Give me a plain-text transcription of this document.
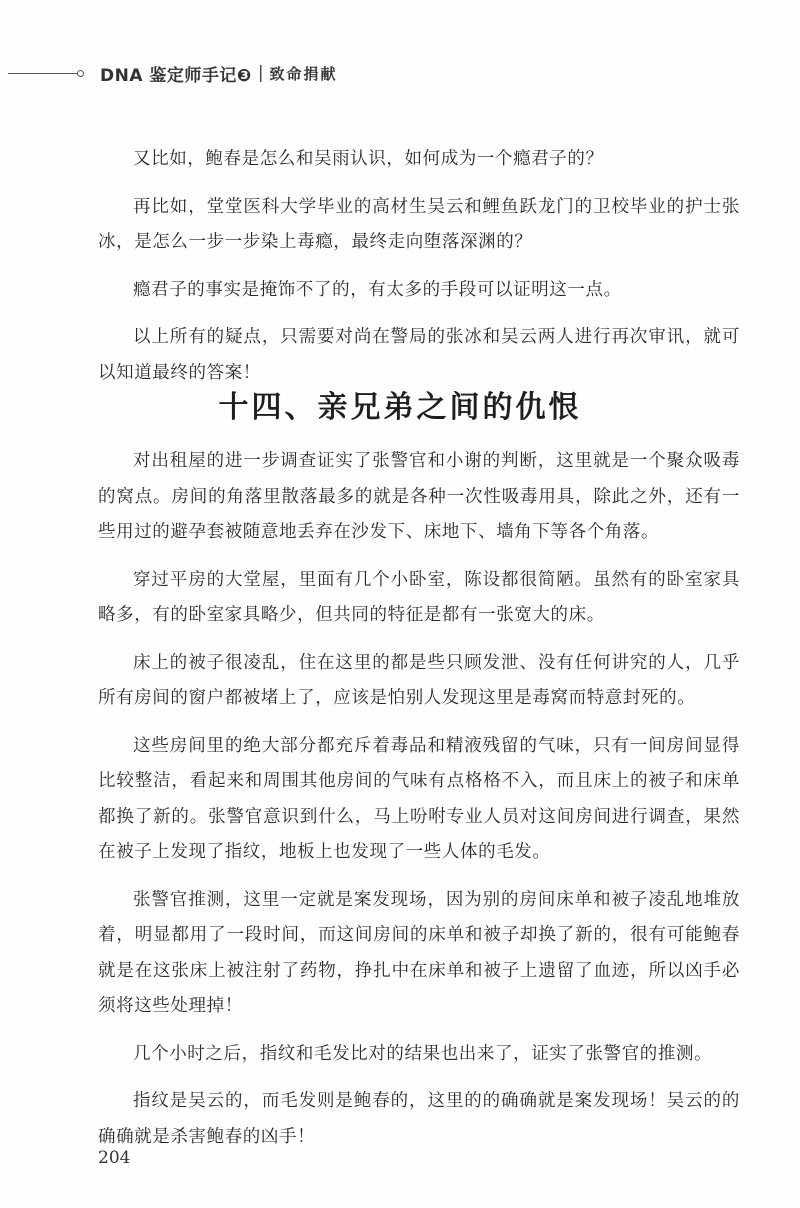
DNA 鉴定师手记❸ | 致命捐献

又比如，鲍春是怎么和吴雨认识，如何成为一个瘾君子的？

再比如，堂堂医科大学毕业的高材生吴云和鲤鱼跃龙门的卫校毕业的护士张冰，是怎么一步一步染上毒瘾，最终走向堕落深渊的？

瘾君子的事实是掩饰不了的，有太多的手段可以证明这一点。

以上所有的疑点，只需要对尚在警局的张冰和吴云两人进行再次审讯，就可以知道最终的答案！

十四、亲兄弟之间的仇恨

对出租屋的进一步调查证实了张警官和小谢的判断，这里就是一个聚众吸毒的窝点。房间的角落里散落最多的就是各种一次性吸毒用具，除此之外，还有一些用过的避孕套被随意地丢弃在沙发下、床地下、墙角下等各个角落。

穿过平房的大堂屋，里面有几个小卧室，陈设都很简陋。虽然有的卧室家具略多，有的卧室家具略少，但共同的特征是都有一张宽大的床。

床上的被子很凌乱，住在这里的都是些只顾发泄、没有任何讲究的人，几乎所有房间的窗户都被堵上了，应该是怕别人发现这里是毒窝而特意封死的。

这些房间里的绝大部分都充斥着毒品和精液残留的气味，只有一间房间显得比较整洁，看起来和周围其他房间的气味有点格格不入，而且床上的被子和床单都换了新的。张警官意识到什么，马上吩咐专业人员对这间房间进行调查，果然在被子上发现了指纹，地板上也发现了一些人体的毛发。

张警官推测，这里一定就是案发现场，因为别的房间床单和被子凌乱地堆放着，明显都用了一段时间，而这间房间的床单和被子却换了新的，很有可能鲍春就是在这张床上被注射了药物，挣扎中在床单和被子上遗留了血迹，所以凶手必须将这些处理掉！

几个小时之后，指纹和毛发比对的结果也出来了，证实了张警官的推测。

指纹是吴云的，而毛发则是鲍春的，这里的的确确就是案发现场！吴云的的确确就是杀害鲍春的凶手！

204
